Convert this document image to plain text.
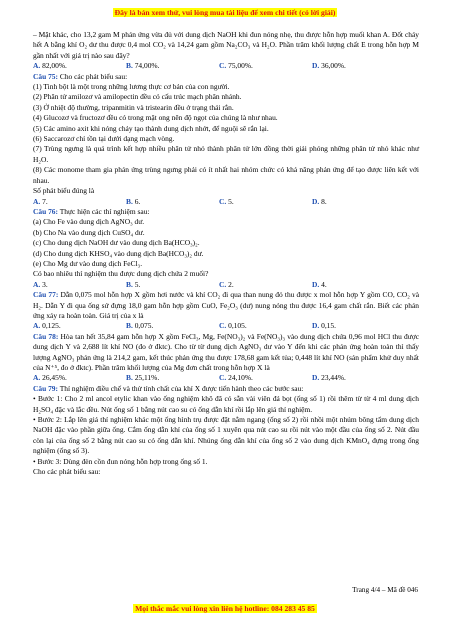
Đây là bản xem thử, vui lòng mua tài liệu để xem chi tiết (có lời giải)

– Mặt khác, cho 13,2 gam M phản ứng vừa đủ với dung dịch NaOH khi đun nóng nhẹ, thu được hỗn hợp muối khan A. Đốt cháy hết A bằng khí O₂ dư thu được 0,4 mol CO₂ và 14,24 gam gồm Na₂CO₃ và H₂O. Phần trăm khối lượng chất E trong hỗn hợp M gần nhất với giá trị nào sau đây?

A. 82,00%.	B. 74,00%.	C. 75,00%.	D. 36,00%.

Câu 75: Cho các phát biểu sau:

(1) Tinh bột là một trong những lương thực cơ bản của con người.

(2) Phân tử amilozơ và amilopectin đều có cấu trúc mạch phân nhánh.

(3) Ở nhiệt độ thường, tripanmitin và tristearin đều ở trạng thái rắn.

(4) Glucozơ và fructozơ đều có trong mật ong nên độ ngọt của chúng là như nhau.

(5) Các amino axit khi nóng chảy tạo thành dung dịch nhớt, để nguội sẽ rắn lại.

(6) Saccarozơ chỉ tồn tại dưới dạng mạch vòng.

(7) Trùng ngưng là quá trình kết hợp nhiều phân tử nhỏ thành phân tử lớn đồng thời giải phóng những phân tử nhỏ khác như H₂O.

(8) Các monome tham gia phản ứng trùng ngưng phải có ít nhất hai nhóm chức có khả năng phản ứng để tạo được liên kết với nhau.

Số phát biểu đúng là

A. 7.	B. 6.	C. 5.	D. 8.

Câu 76: Thực hiện các thí nghiệm sau:

(a) Cho Fe vào dung dịch AgNO₃ dư.

(b) Cho Na vào dung dịch CuSO₄ dư.

(c) Cho dung dịch NaOH dư vào dung dịch Ba(HCO₃)₂.

(d) Cho dung dịch KHSO₄ vào dung dịch Ba(HCO₃)₂ dư.

(e) Cho Mg dư vào dung dịch FeCl₃.

Có bao nhiêu thí nghiệm thu được dung dịch chứa 2 muối?

A. 3.	B. 5.	C. 2.	D. 4.

Câu 77: Dẫn 0,075 mol hỗn hợp X gồm hơi nước và khí CO₂ đi qua than nung đỏ thu được x mol hỗn hợp Y gồm CO, CO₂ và H₂. Dẫn Y đi qua ống sứ đựng 18,0 gam hỗn hợp gồm CuO, Fe₂O₃ (dư) nung nóng thu được 16,4 gam chất rắn. Biết các phản ứng xảy ra hoàn toàn. Giá trị của x là

A. 0,125.	B. 0,075.	C. 0,105.	D. 0,15.

Câu 78: Hòa tan hết 35,84 gam hỗn hợp X gồm FeCl₃, Mg, Fe(NO₃)₂ và Fe(NO₃)₃ vào dung dịch chứa 0,96 mol HCl thu được dung dịch Y và 2,688 lít khí NO (đo ở đktc). Cho từ từ dung dịch AgNO₃ dư vào Y đến khi các phản ứng hoàn toàn thì thấy lượng AgNO₃ phản ứng là 214,2 gam, kết thúc phản ứng thu được 178,68 gam kết tủa; 0,448 lít khí NO (sản phẩm khử duy nhất của N⁺⁵, đo ở đktc). Phần trăm khối lượng của Mg đơn chất trong hỗn hợp X là

A. 26,45%.	B. 25,11%.	C. 24,10%.	D. 23,44%.

Câu 79: Thí nghiệm điều chế và thử tính chất của khí X được tiến hành theo các bước sau:

• Bước 1: Cho 2 ml ancol etylic khan vào ống nghiệm khô đã có sẵn vài viên đá bọt (ống số 1) rồi thêm từ từ 4 ml dung dịch H₂SO₄ đặc và lắc đều. Nút ống số 1 bằng nút cao su có ống dẫn khí rồi lắp lên giá thí nghiệm.

• Bước 2: Lắp lên giá thí nghiệm khác một ống hình trụ được đặt nằm ngang (ống số 2) rồi nhồi một nhúm bông tẩm dung dịch NaOH đặc vào phần giữa ống. Cắm ống dẫn khí của ống số 1 xuyên qua nút cao su rồi nút vào một đầu của ống số 2. Nút đầu còn lại của ống số 2 bằng nút cao su có ống dẫn khí. Nhúng ống dẫn khí của ống số 2 vào dung dịch KMnO₄ đựng trong ống nghiệm (ống số 3).

• Bước 3: Dùng đèn cồn đun nóng hỗn hợp trong ống số 1.

Cho các phát biểu sau:

Trang 4/4 – Mã đề 046
Mọi thắc mắc vui lòng xin liên hệ hotline: 084 283 45 85
